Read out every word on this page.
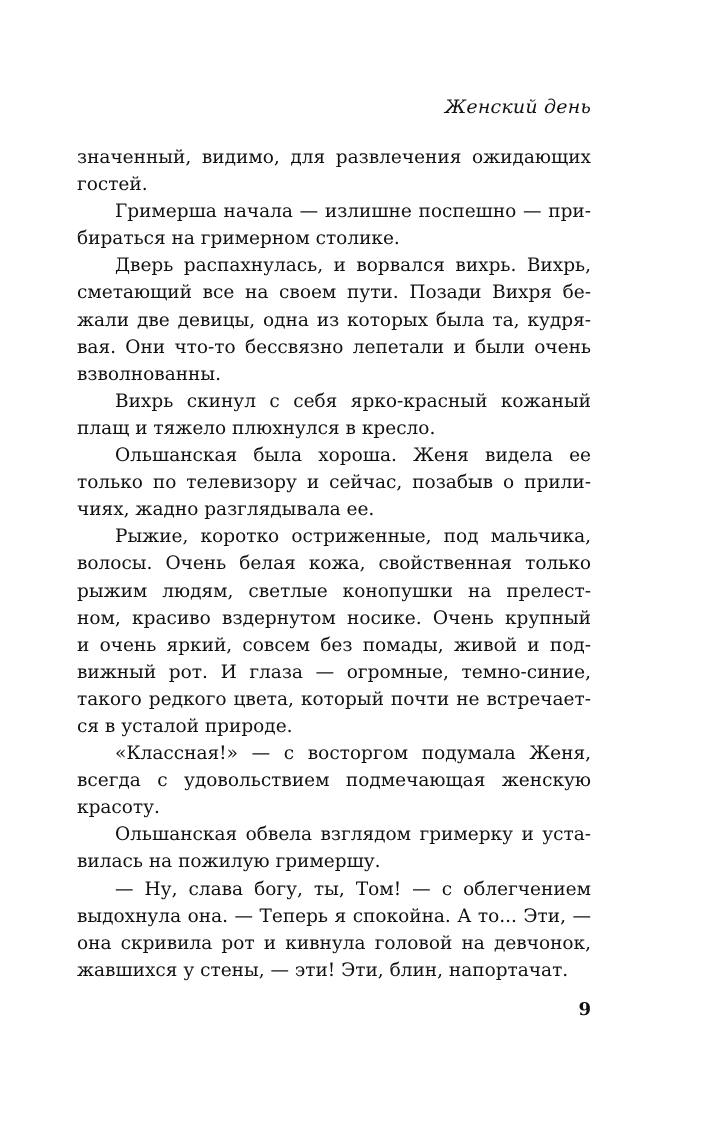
Женский день
значенный, видимо, для развлечения ожидающих
гостей.
Гримерша начала — излишне поспешно — при-
бираться на гримерном столике.
Дверь распахнулась, и ворвался вихрь. Вихрь,
сметающий все на своем пути. Позади Вихря бе-
жали две девицы, одна из которых была та, кудря-
вая. Они что-то бессвязно лепетали и были очень
взволнованны.
Вихрь скинул с себя ярко-красный кожаный
плащ и тяжело плюхнулся в кресло.
Ольшанская была хороша. Женя видела ее
только по телевизору и сейчас, позабыв о прили-
чиях, жадно разглядывала ее.
Рыжие, коротко остриженные, под мальчика,
волосы. Очень белая кожа, свойственная только
рыжим людям, светлые конопушки на прелест-
ном, красиво вздернутом носике. Очень крупный
и очень яркий, совсем без помады, живой и под-
вижный рот. И глаза — огромные, темно-синие,
такого редкого цвета, который почти не встречает-
ся в усталой природе.
«Классная!» — с восторгом подумала Женя,
всегда с удовольствием подмечающая женскую
красоту.
Ольшанская обвела взглядом гримерку и уста-
вилась на пожилую гримершу.
— Ну, слава богу, ты, Том! — с облегчением
выдохнула она. — Теперь я спокойна. А то... Эти, —
она скривила рот и кивнула головой на девчонок,
жавшихся у стены, — эти! Эти, блин, напортачат.
9
